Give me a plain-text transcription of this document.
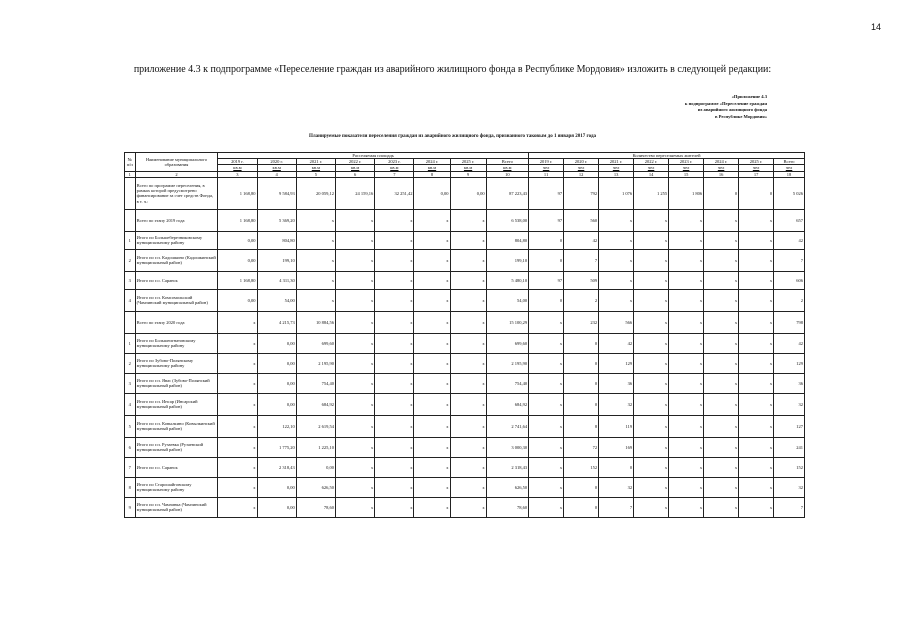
14
приложение 4.3 к подпрограмме «Переселение граждан из аварийного жилищного фонда в Республике Мордовия» изложить в следующей редакции:
«Приложение 4.3
к подпрограмме «Переселение граждан
из аварийного жилищного фонда
в Республике Мордовия»
Планируемые показатели переселения граждан из аварийного жилищного фонда, признанного таковым до 1 января 2017 года
№ п/п	Наименование муниципального образования	Расселяемая площадь								Количество переселяемых жителей							
		2019 г.	2020 г.	2021 г.	2022 г.	2023 г.	2024 г.	2025 г.	Всего	2019 г.	2020 г.	2021 г.	2022 г.	2023 г.	2024 г.	2025 г.	Всего
		кв.м	кв.м	кв.м	кв.м	кв.м	кв.м	кв.м	кв.м	чел	чел	чел	чел	чел	чел	чел	чел
1	2	3	4	5	6	7	8	9	10	11	12	13	14	15	16	17	18
	Всего по программе переселения, в рамках которой предусмотрено финансирование за счет средств Фонда, в т. ч.:	1 168,80	9 584,93	20 059,12	24 159,16	32 251,42	0,00	0,00	87 223,43	97	792	1 076	1 255	1 806	0	0	5 026
	Всего по этапу 2019 года	1 168,80	5 369,20	x	x	x	x	x	6 538,00	97	560	x	x	x	x	x	657
1	Итого по Большеберезниковскому муниципальному району	0,00	804,80	x	x	x	x	x	804,80	0	42	x	x	x	x	x	42
2	Итого по г.п. Кадошкино (Кадошкинский муниципальный район)	0,00	199,10	x	x	x	x	x	199,10	0	7	x	x	x	x	x	7
3	Итого по г.о. Саранск	1 168,80	4 311,30	x	x	x	x	x	5 480,10	97	509	x	x	x	x	x	606
4	Итого по г.п. Комсомольский (Чамзинский муниципальный район)	0,00	54,00	x	x	x	x	x	54,00	0	2	x	x	x	x	x	2
	Всего по этапу 2020 года	x	4 215,73	10 884,56	x	x	x	x	15 100,29	x	232	566	x	x	x	x	798
1	Итого по Большеигнатовскому муниципальному району	x	0,00	699,60	x	x	x	x	699,60	x	0	42	x	x	x	x	42
2	Итого по Зубово-Полянскому муниципальному району	x	0,00	2 195,90	x	x	x	x	2 195,90	x	0	129	x	x	x	x	129
3	Итого по г.п. Явас (Зубово-Полянский муниципальный район)	x	0,00	754,40	x	x	x	x	754,40	x	0	36	x	x	x	x	36
4	Итого по г.п. Инсар (Инсарский муниципальный район)	x	0,00	684,92	x	x	x	x	684,92	x	0	32	x	x	x	x	32
5	Итого по г.п. Ковылкино (Ковылкинский муниципальный район)	x	122,10	2 619,54	x	x	x	x	2 741,64	x	8	119	x	x	x	x	127
6	Итого по г.п. Рузаевка (Рузаевский муниципальный район)	x	1 775,20	1 225,10	x	x	x	x	3 000,30	x	72	169	x	x	x	x	241
7	Итого по г.о. Саранск	x	2 318,43	0,00	x	x	x	x	2 318,43	x	152	0	x	x	x	x	152
8	Итого по Старошайговскому муниципальному району	x	0,00	626,50	x	x	x	x	626,50	x	0	32	x	x	x	x	32
9	Итого по г.п. Чамзинка (Чамзинский муниципальный район)	x	0,00	78,60	x	x	x	x	78,60	x	0	7	x	x	x	x	7
